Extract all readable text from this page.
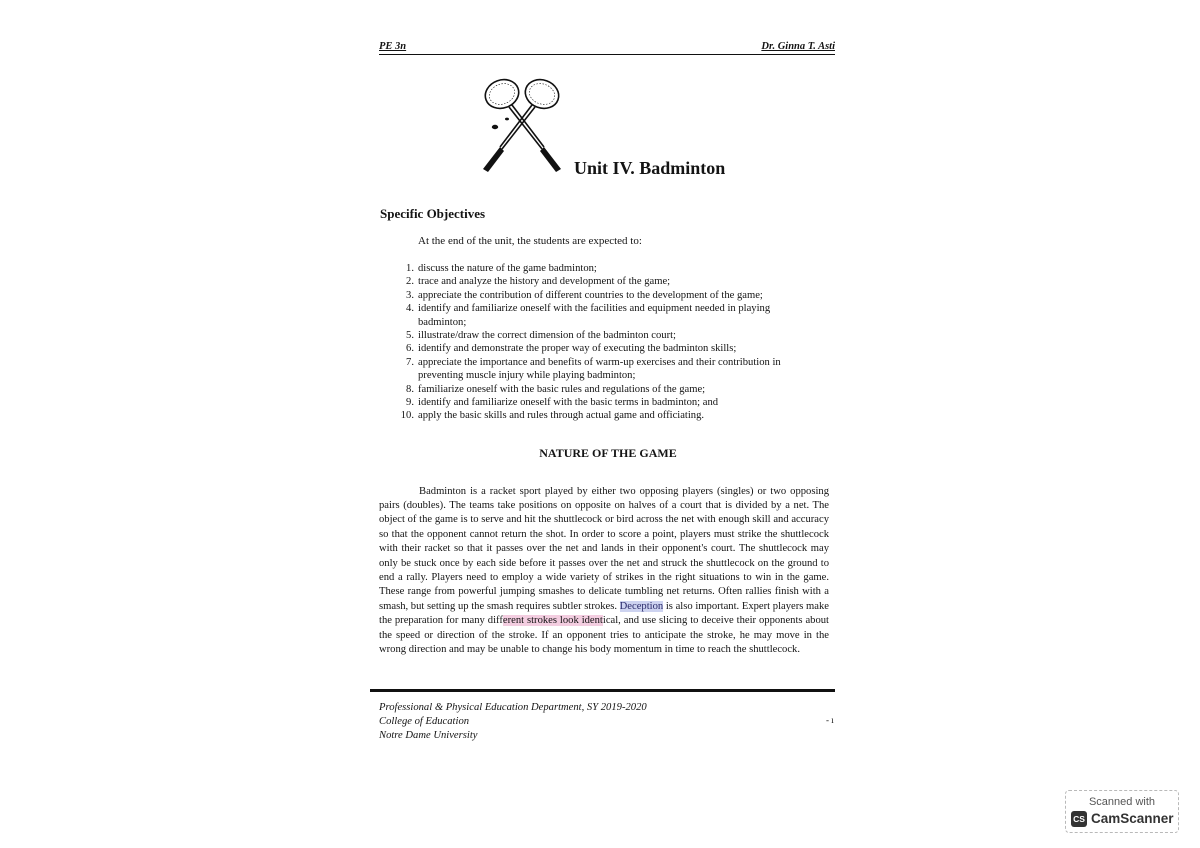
PE 3n	Dr. Ginna T. Asti
Unit IV. Badminton
Specific Objectives
At the end of the unit, the students are expected to:
1. discuss the nature of the game badminton;
2. trace and analyze the history and development of the game;
3. appreciate the contribution of different countries to the development of the game;
4. identify and familiarize oneself with the facilities and equipment needed in playing badminton;
5. illustrate/draw the correct dimension of the badminton court;
6. identify and demonstrate the proper way of executing the badminton skills;
7. appreciate the importance and benefits of warm-up exercises and their contribution in preventing muscle injury while playing badminton;
8. familiarize oneself with the basic rules and regulations of the game;
9. identify and familiarize oneself with the basic terms in badminton; and
10. apply the basic skills and rules through actual game and officiating.
NATURE OF THE GAME

Badminton is a racket sport played by either two opposing players (singles) or two opposing pairs (doubles). The teams take positions on opposite on halves of a court that is divided by a net. The object of the game is to serve and hit the shuttlecock or bird across the net with enough skill and accuracy so that the opponent cannot return the shot. In order to score a point, players must strike the shuttlecock with their racket so that it passes over the net and lands in their opponent's court. The shuttlecock may only be stuck once by each side before it passes over the net and struck the shuttlecock on the ground to end a rally. Players need to employ a wide variety of strikes in the right situations to win in the game. These range from powerful jumping smashes to delicate tumbling net returns. Often rallies finish with a smash, but setting up the smash requires subtler strokes. Deception is also important. Expert players make the preparation for many different strokes look identical, and use slicing to deceive their opponents about the speed or direction of the stroke. If an opponent tries to anticipate the stroke, he may move in the wrong direction and may be unable to change his body momentum in time to reach the shuttlecock.

Professional & Physical Education Department, SY 2019-2020
College of Education
Notre Dame University
- ı
Scanned with
CS CamScanner
